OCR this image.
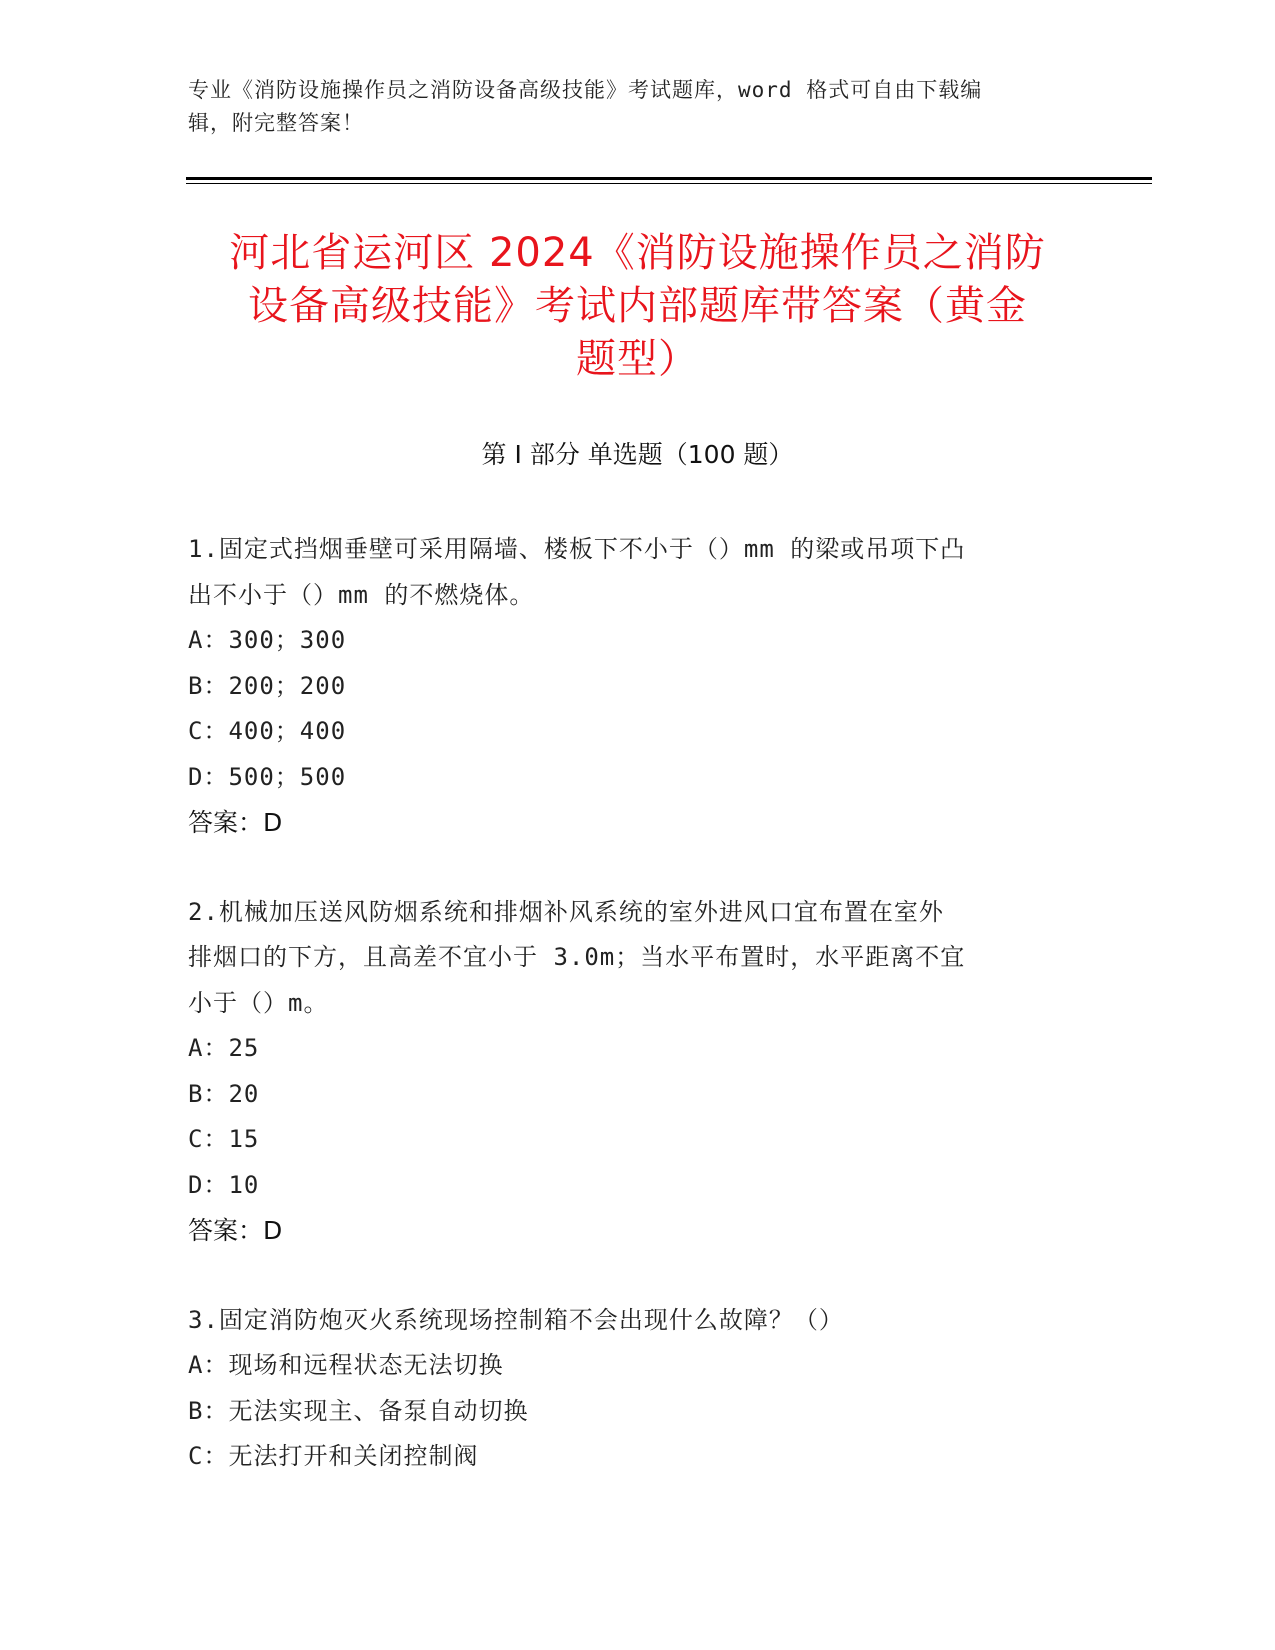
专业《消防设施操作员之消防设备高级技能》考试题库，word 格式可自由下载编
辑，附完整答案！
河北省运河区 2024《消防设施操作员之消防
设备高级技能》考试内部题库带答案（黄金
题型）
第 I 部分 单选题（100 题）
1.固定式挡烟垂壁可采用隔墙、楼板下不小于（）mm 的梁或吊项下凸
出不小于（）mm 的不燃烧体。
A：300；300
B：200；200
C：400；400
D：500；500
答案：D
2.机械加压送风防烟系统和排烟补风系统的室外进风口宜布置在室外
排烟口的下方，且高差不宜小于 3.0m；当水平布置时，水平距离不宜
小于（）m。
A：25
B：20
C：15
D：10
答案：D
3.固定消防炮灭火系统现场控制箱不会出现什么故障？（）
A：现场和远程状态无法切换
B：无法实现主、备泵自动切换
C：无法打开和关闭控制阀
